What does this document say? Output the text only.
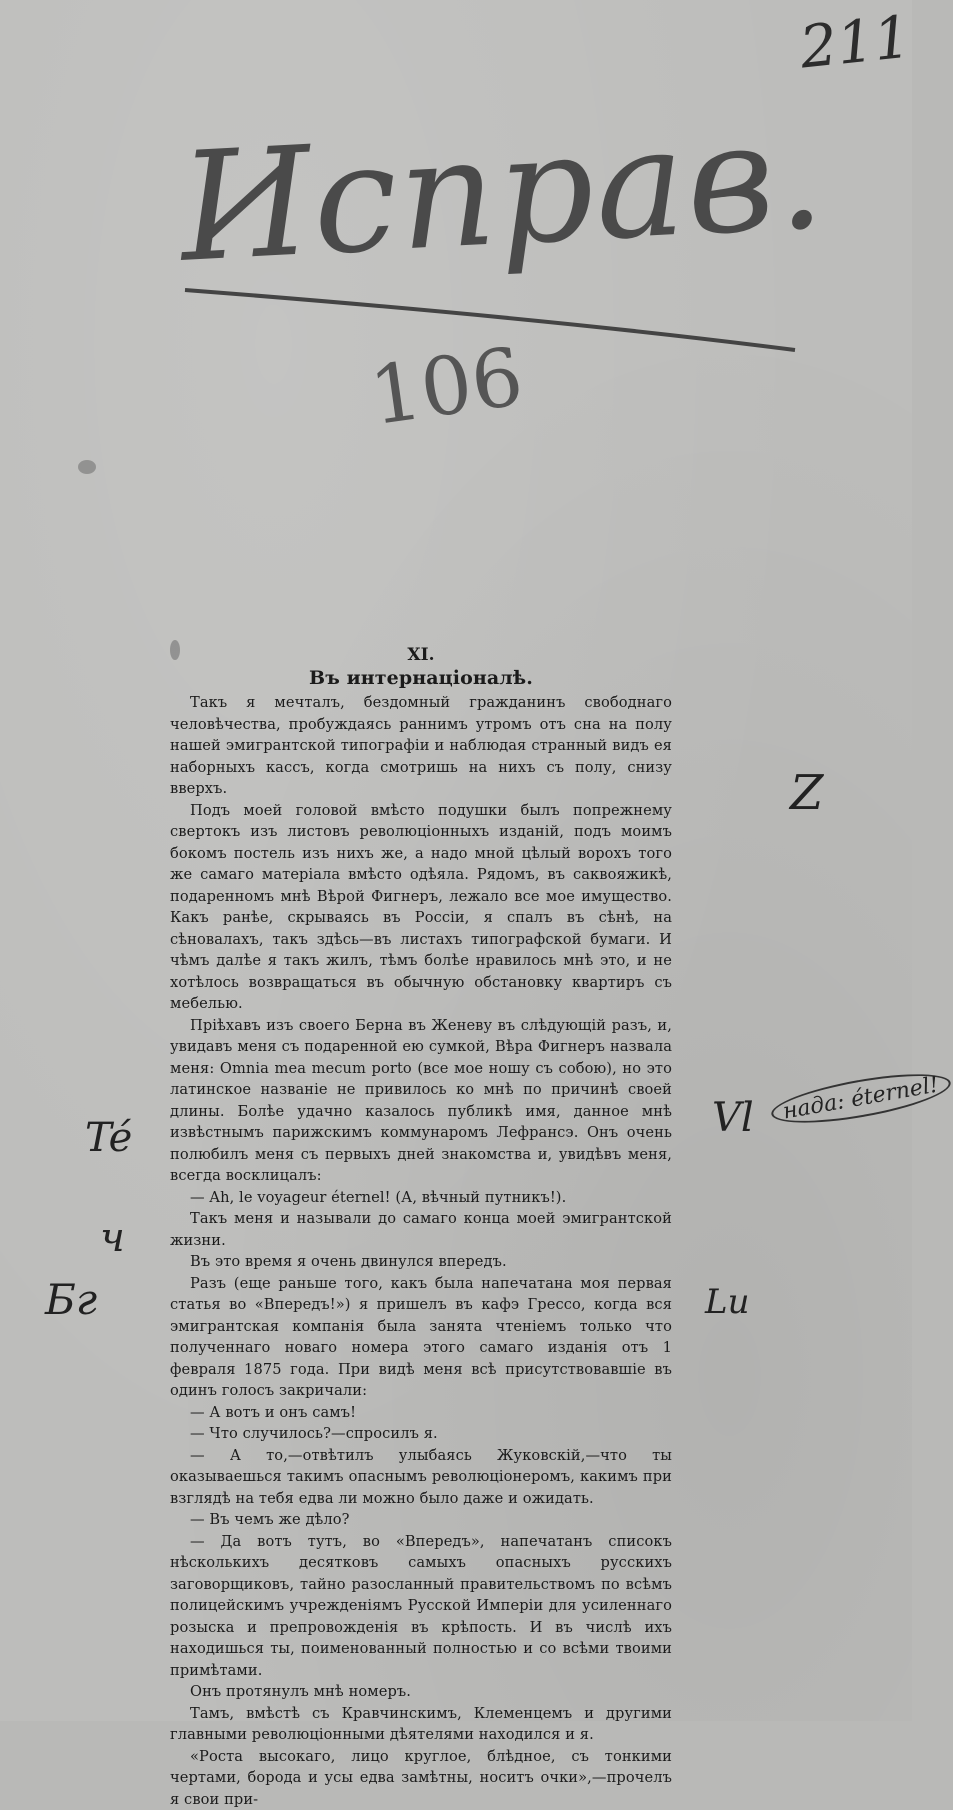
211
Исправ.
106

XI.

Въ интернаціоналѣ.

Такъ я мечталъ, бездомный гражданинъ свободнаго человѣчества, пробуждаясь раннимъ утромъ отъ сна на полу нашей эмигрантской типографіи и наблюдая странный видъ ея наборныхъ кассъ, когда смотришь на нихъ съ полу, снизу вверхъ.

Подъ моей головой вмѣсто подушки былъ попрежнему свертокъ изъ листовъ революціонныхъ изданій, подъ моимъ бокомъ постель изъ нихъ же, а надо мной цѣлый ворохъ того же самаго матеріала вмѣсто одѣяла. Рядомъ, въ саквояжикѣ, подаренномъ мнѣ Вѣрой Фигнеръ, лежало все мое имущество. Какъ ранѣе, скрываясь въ Россіи, я спалъ въ сѣнѣ, на сѣновалахъ, такъ здѣсь—въ листахъ типографской бумаги. И чѣмъ далѣе я такъ жилъ, тѣмъ болѣе нравилось мнѣ это, и не хотѣлось возвращаться въ обычную обстановку квартиръ съ мебелью.

Пріѣхавъ изъ своего Берна въ Женеву въ слѣдующій разъ, и, увидавъ меня съ подаренной ею сумкой, Вѣра Фигнеръ назвала меня: Omnia mea mecum porto (все мое ношу съ собою), но это латинское названіе не привилось ко мнѣ по причинѣ своей длины. Болѣе удачно казалось публикѣ имя, данное мнѣ извѣстнымъ парижскимъ коммунаромъ Лефрансэ. Онъ очень полюбилъ меня съ первыхъ дней знакомства и, увидѣвъ меня, всегда восклицалъ:

— Ah, le voyageur éternel! (А, вѣчный путникъ!).

Такъ меня и называли до самаго конца моей эмигрантской жизни.

Въ это время я очень двинулся впередъ.

Разъ (еще раньше того, какъ была напечатана моя первая статья во «Впередъ!») я пришелъ въ кафэ Грессо, когда вся эмигрантская компанія была занята чтеніемъ только что полученнаго новаго номера этого самаго изданія отъ 1 февраля 1875 года. При видѣ меня всѣ присутствовавшіе въ одинъ голосъ закричали:

— А вотъ и онъ самъ!

— Что случилось?—спросилъ я.

— А то,—отвѣтилъ улыбаясь Жуковскій,—что ты оказываешься такимъ опаснымъ революціонеромъ, какимъ при взглядѣ на тебя едва ли можно было даже и ожидать.

— Въ чемъ же дѣло?

— Да вотъ тутъ, во «Впередъ», напечатанъ списокъ нѣсколькихъ десятковъ самыхъ опасныхъ русскихъ заговорщиковъ, тайно разосланный правительствомъ по всѣмъ полицейскимъ учрежденіямъ Русской Имперіи для усиленнаго розыска и препровожденія въ крѣпость. И въ числѣ ихъ находишься ты, поименованный полностью и со всѣми твоими примѣтами.

Онъ протянулъ мнѣ номеръ.

Тамъ, вмѣстѣ съ Кравчинскимъ, Клеменцемъ и другими главными революціонными дѣятелями находился и я.

«Роста высокаго, лицо круглое, блѣдное, съ тонкими чертами, борода и усы едва замѣтны, носитъ очки»,—прочелъ я свои при-

Té
ч
Бг
Z
Vl	нада: éternel!
Lu
